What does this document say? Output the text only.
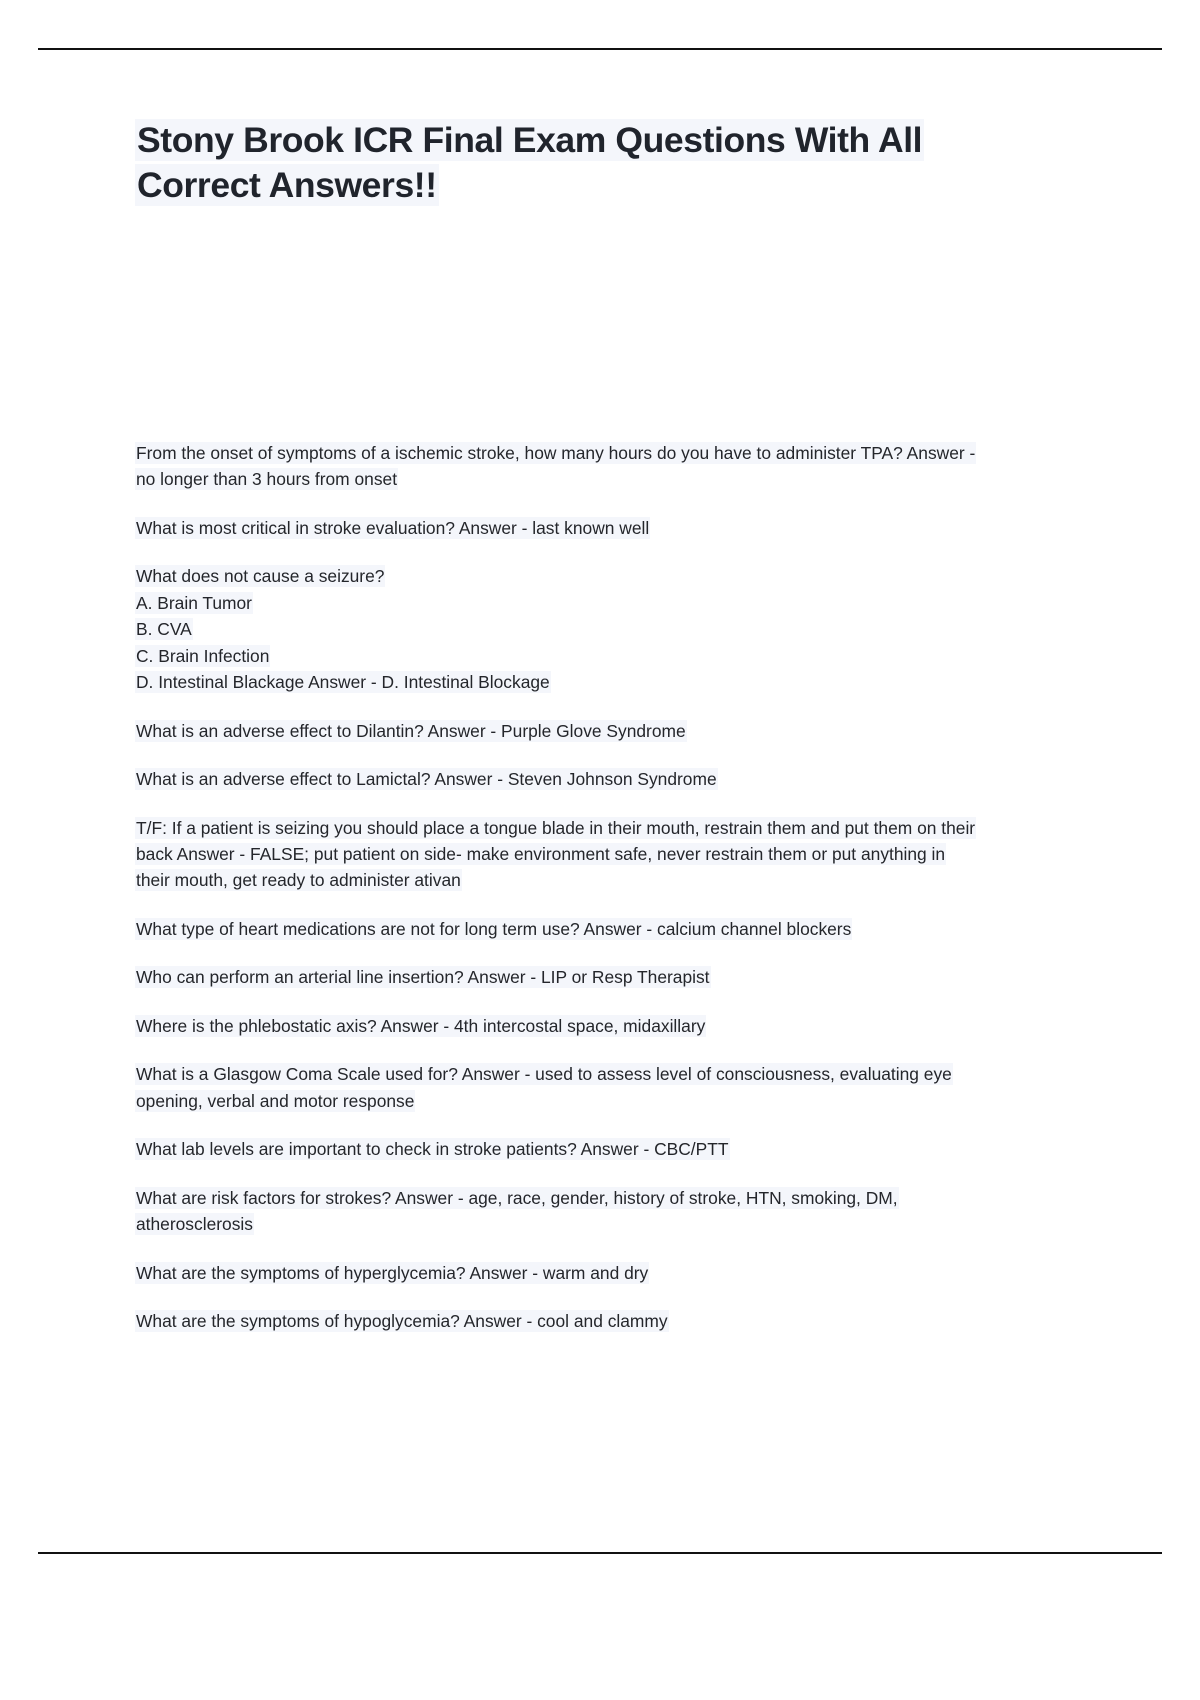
Stony Brook ICR Final Exam Questions With All Correct Answers!!
From the onset of symptoms of a ischemic stroke, how many hours do you have to administer TPA? Answer - no longer than 3 hours from onset
What is most critical in stroke evaluation? Answer - last known well
What does not cause a seizure?
A. Brain Tumor
B. CVA
C. Brain Infection
D. Intestinal Blackage Answer - D. Intestinal Blockage
What is an adverse effect to Dilantin? Answer - Purple Glove Syndrome
What is an adverse effect to Lamictal? Answer - Steven Johnson Syndrome
T/F: If a patient is seizing you should place a tongue blade in their mouth, restrain them and put them on their back Answer - FALSE; put patient on side- make environment safe, never restrain them or put anything in their mouth, get ready to administer ativan
What type of heart medications are not for long term use? Answer - calcium channel blockers
Who can perform an arterial line insertion? Answer - LIP or Resp Therapist
Where is the phlebostatic axis? Answer - 4th intercostal space, midaxillary
What is a Glasgow Coma Scale used for? Answer - used to assess level of consciousness, evaluating eye opening, verbal and motor response
What lab levels are important to check in stroke patients? Answer - CBC/PTT
What are risk factors for strokes? Answer - age, race, gender, history of stroke, HTN, smoking, DM, atherosclerosis
What are the symptoms of hyperglycemia? Answer - warm and dry
What are the symptoms of hypoglycemia? Answer - cool and clammy
